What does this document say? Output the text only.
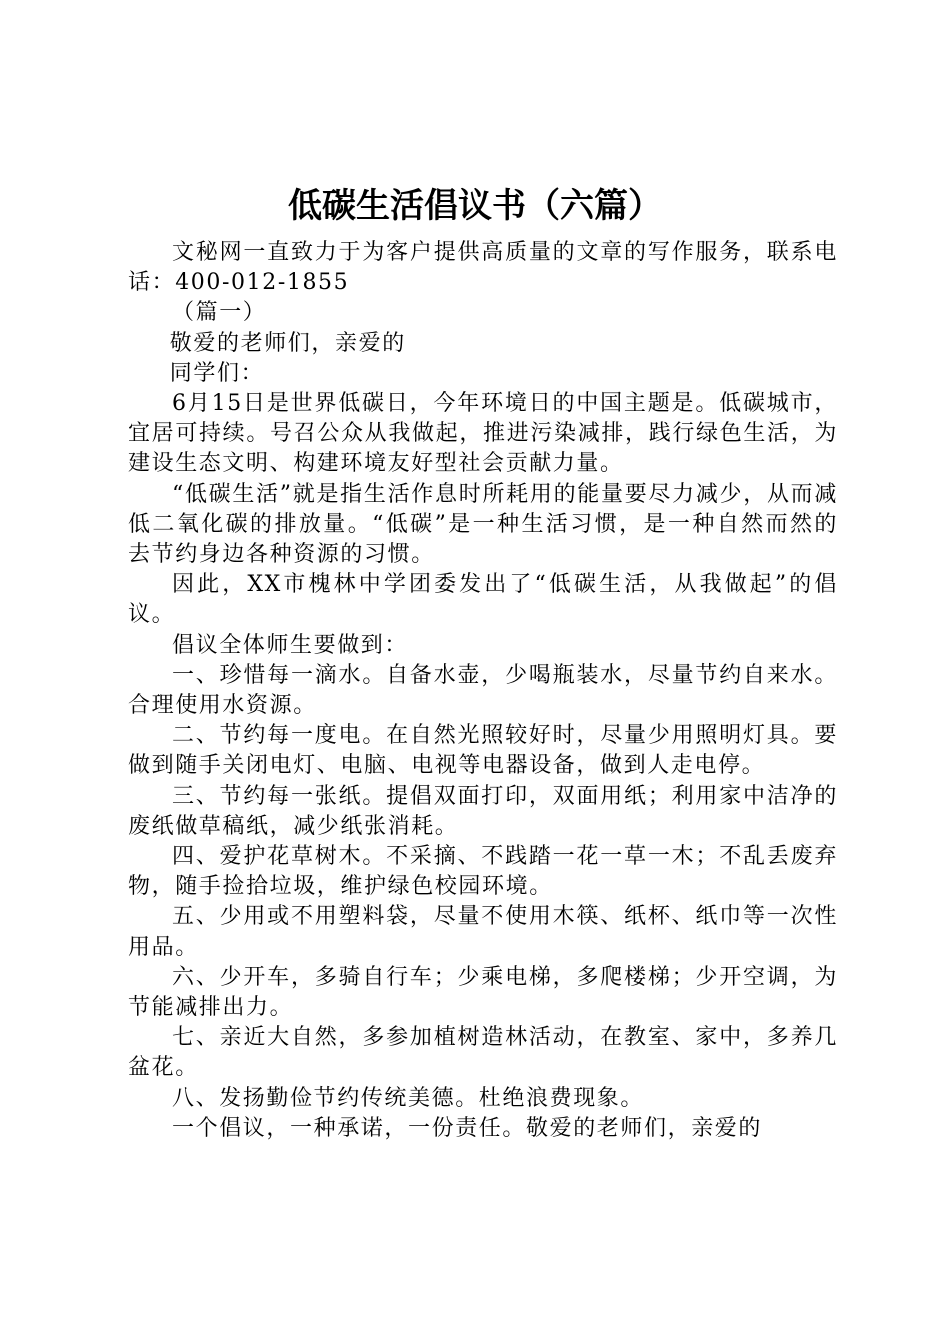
低碳生活倡议书（六篇）

文秘网一直致力于为客户提供高质量的文章的写作服务，联系电话：400-012-1855

（篇一）

敬爱的老师们，亲爱的

同学们：

6月15日是世界低碳日，今年环境日的中国主题是。低碳城市，宜居可持续。号召公众从我做起，推进污染减排，践行绿色生活，为建设生态文明、构建环境友好型社会贡献力量。

“低碳生活”就是指生活作息时所耗用的能量要尽力减少，从而减低二氧化碳的排放量。“低碳”是一种生活习惯，是一种自然而然的去节约身边各种资源的习惯。

因此，XX市槐林中学团委发出了“低碳生活，从我做起”的倡议。

倡议全体师生要做到：

一、珍惜每一滴水。自备水壶，少喝瓶装水，尽量节约自来水。合理使用水资源。

二、节约每一度电。在自然光照较好时，尽量少用照明灯具。要做到随手关闭电灯、电脑、电视等电器设备，做到人走电停。

三、节约每一张纸。提倡双面打印，双面用纸；利用家中洁净的废纸做草稿纸，减少纸张消耗。

四、爱护花草树木。不采摘、不践踏一花一草一木；不乱丢废弃物，随手捡拾垃圾，维护绿色校园环境。

五、少用或不用塑料袋，尽量不使用木筷、纸杯、纸巾等一次性用品。

六、少开车，多骑自行车；少乘电梯，多爬楼梯；少开空调，为节能减排出力。

七、亲近大自然，多参加植树造林活动，在教室、家中，多养几盆花。

八、发扬勤俭节约传统美德。杜绝浪费现象。

一个倡议，一种承诺，一份责任。敬爱的老师们，亲爱的
